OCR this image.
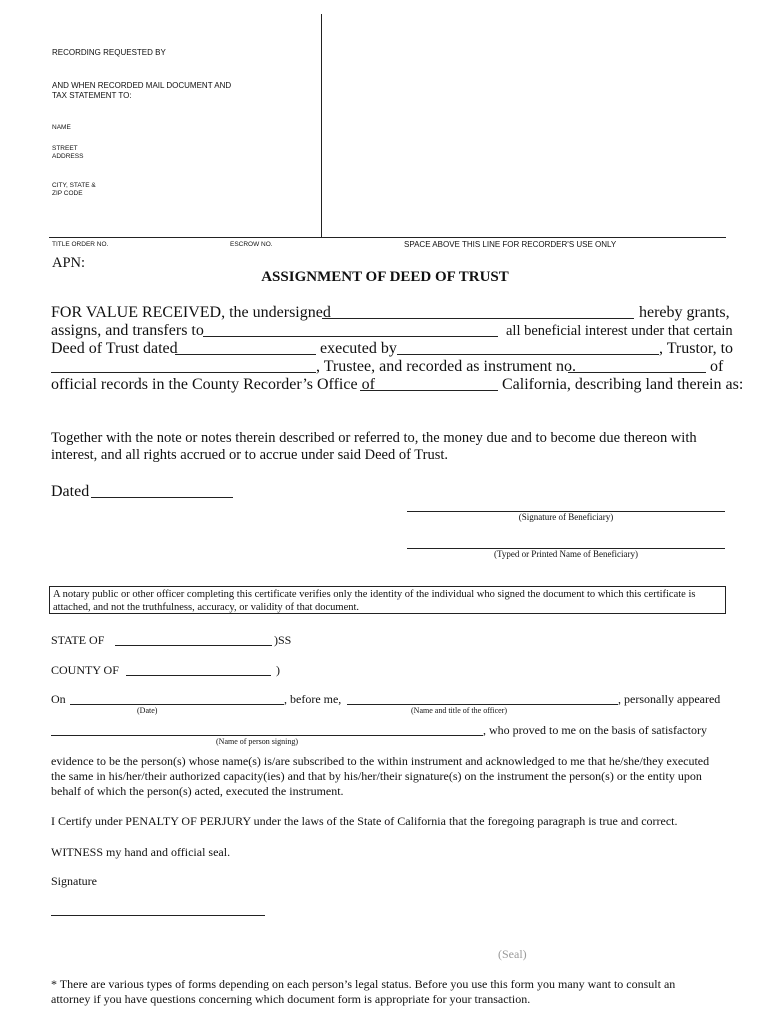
RECORDING REQUESTED BY
AND WHEN RECORDED MAIL DOCUMENT AND
TAX STATEMENT TO:
NAME
STREET
ADDRESS
CITY, STATE &
ZIP CODE
TITLE ORDER NO.	ESCROW NO.	SPACE ABOVE THIS LINE FOR RECORDER'S USE ONLY
APN:
ASSIGNMENT OF DEED OF TRUST
FOR VALUE RECEIVED, the undersigned	hereby grants,
assigns, and transfers to	all beneficial interest under that certain
Deed of Trust dated	executed by	, Trustor, to
, Trustee, and recorded as instrument no.	of
official records in the County Recorder’s Office of	California, describing land therein as:
Together with the note or notes therein described or referred to, the money due and to become due thereon with
interest, and all rights accrued or to accrue under said Deed of Trust.
Dated
(Signature of Beneficiary)
(Typed or Printed Name of Beneficiary)
A notary public or other officer completing this certificate verifies only the identity of the individual who signed the document to which this certificate is attached, and not the truthfulness, accuracy, or validity of that document.
STATE OF	)SS
COUNTY OF	)
On	, before me,	, personally appeared
(Date)	(Name and title of the officer)
, who proved to me on the basis of satisfactory
(Name of person signing)
evidence to be the person(s) whose name(s) is/are subscribed to the within instrument and acknowledged to me that he/she/they executed
the same in his/her/their authorized capacity(ies) and that by his/her/their signature(s) on the instrument the person(s) or the entity upon
behalf of which the person(s) acted, executed the instrument.
I Certify under PENALTY OF PERJURY under the laws of the State of California that the foregoing paragraph is true and correct.
WITNESS my hand and official seal.
Signature
(Seal)
* There are various types of forms depending on each person’s legal status. Before you use this form you many want to consult an
attorney if you have questions concerning which document form is appropriate for your transaction.
